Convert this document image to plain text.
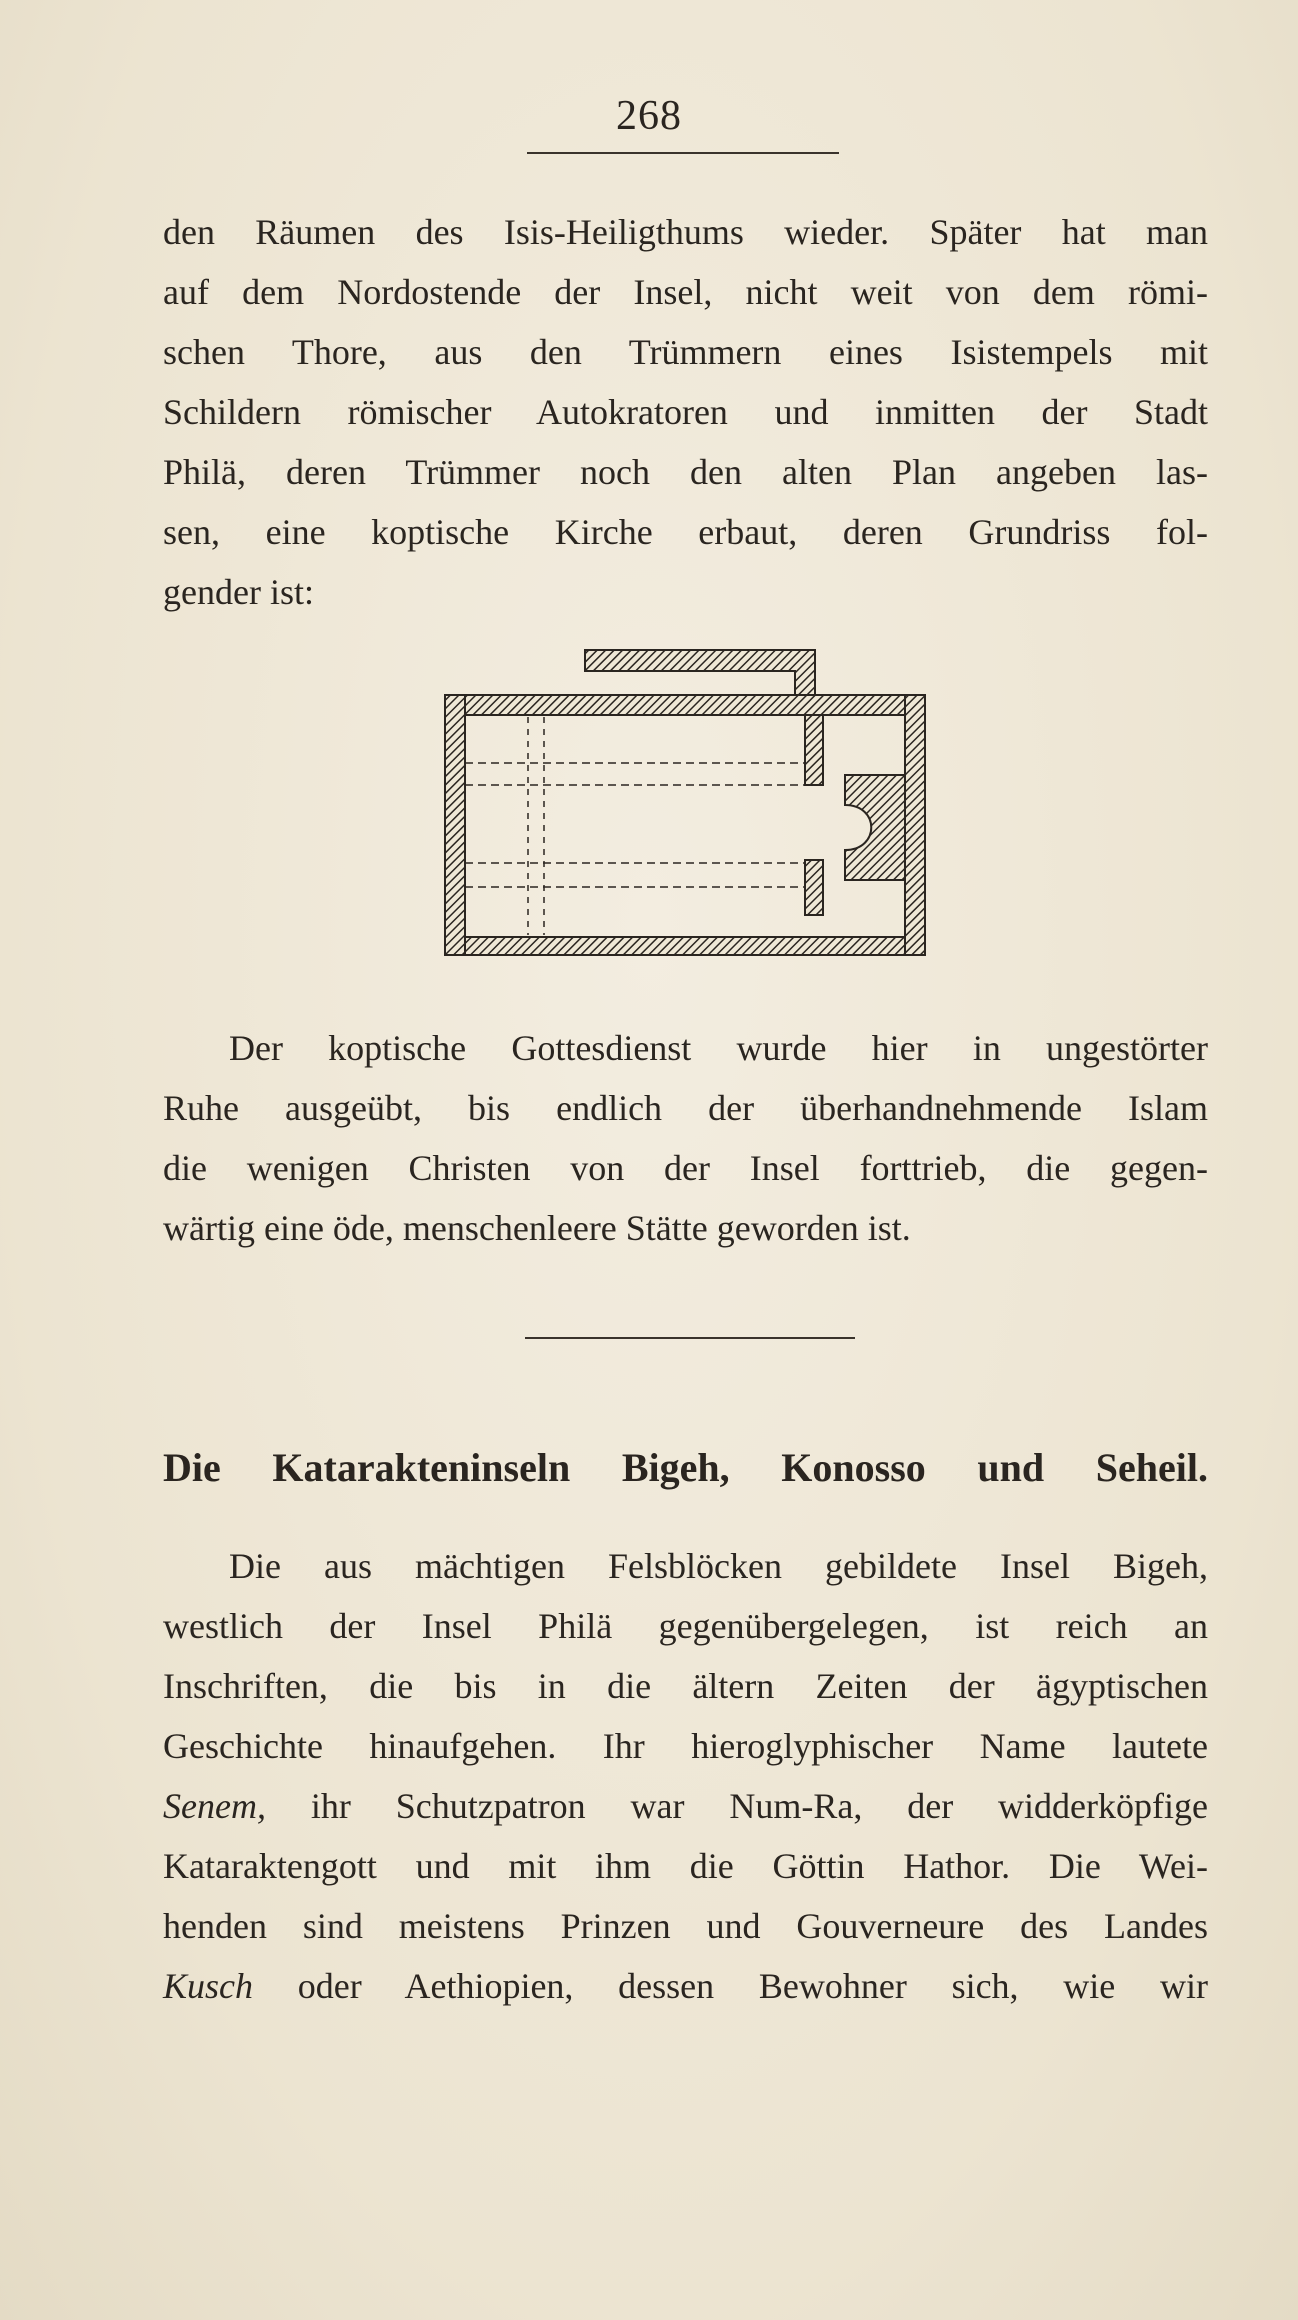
268
den Räumen des Isis-Heiligthums wieder. Später hat man
auf dem Nordostende der Insel, nicht weit von dem römi-
schen Thore, aus den Trümmern eines Isistempels mit
Schildern römischer Autokratoren und inmitten der Stadt
Philä, deren Trümmer noch den alten Plan angeben las-
sen, eine koptische Kirche erbaut, deren Grundriss fol-
gender ist:
Der koptische Gottesdienst wurde hier in ungestörter
Ruhe ausgeübt, bis endlich der überhandnehmende Islam
die wenigen Christen von der Insel forttrieb, die gegen-
wärtig eine öde, menschenleere Stätte geworden ist.
Die Katarakteninseln Bigeh, Konosso und Seheil.
Die aus mächtigen Felsblöcken gebildete Insel Bigeh,
westlich der Insel Philä gegenübergelegen, ist reich an
Inschriften, die bis in die ältern Zeiten der ägyptischen
Geschichte hinaufgehen. Ihr hieroglyphischer Name lautete
Senem, ihr Schutzpatron war Num-Ra, der widderköpfige
Kataraktengott und mit ihm die Göttin Hathor. Die Wei-
henden sind meistens Prinzen und Gouverneure des Landes
Kusch oder Aethiopien, dessen Bewohner sich, wie wir
